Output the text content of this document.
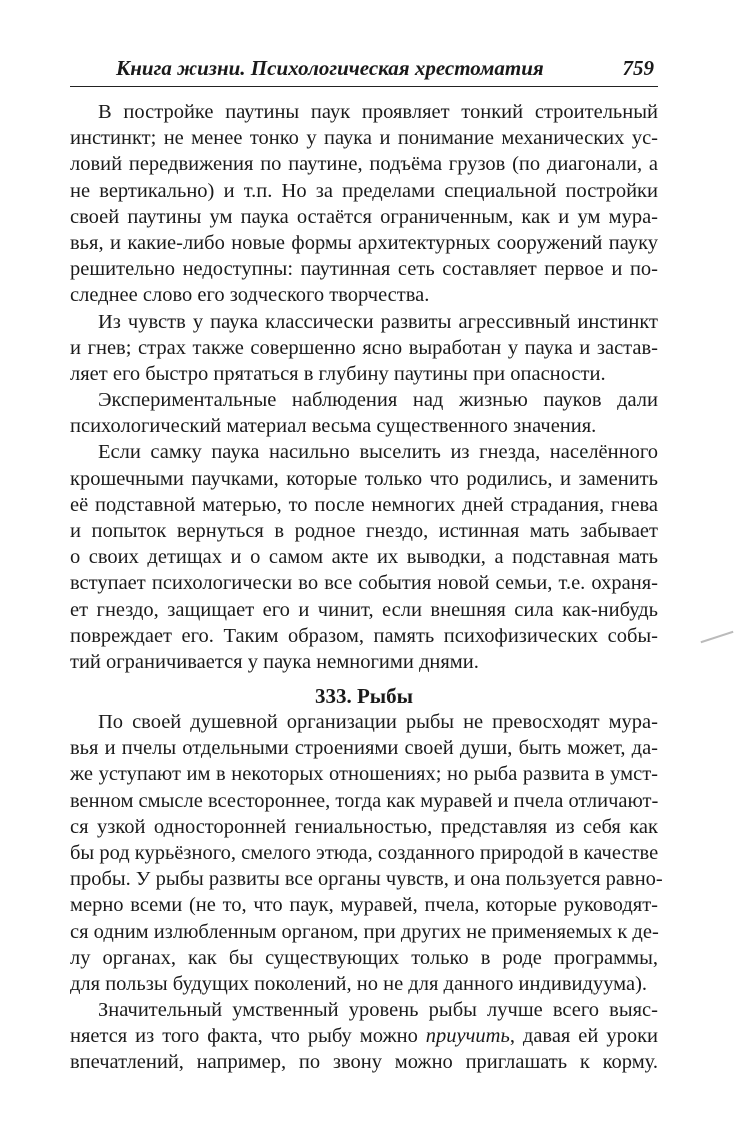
Книга жизни. Психологическая хрестоматия	759
В постройке паутины паук проявляет тонкий строительный
инстинкт; не менее тонко у паука и понимание механических ус-
ловий передвижения по паутине, подъёма грузов (по диагонали, а
не вертикально) и т.п. Но за пределами специальной постройки
своей паутины ум паука остаётся ограниченным, как и ум мура-
вья, и какие-либо новые формы архитектурных сооружений пауку
решительно недоступны: паутинная сеть составляет первое и по-
следнее слово его зодческого творчества.
Из чувств у паука классически развиты агрессивный инстинкт
и гнев; страх также совершенно ясно выработан у паука и застав-
ляет его быстро прятаться в глубину паутины при опасности.
Экспериментальные наблюдения над жизнью пауков дали
психологический материал весьма существенного значения.
Если самку паука насильно выселить из гнезда, населённого
крошечными паучками, которые только что родились, и заменить
её подставной матерью, то после немногих дней страдания, гнева
и попыток вернуться в родное гнездо, истинная мать забывает
о своих детищах и о самом акте их выводки, а подставная мать
вступает психологически во все события новой семьи, т.е. охраня-
ет гнездо, защищает его и чинит, если внешняя сила как-нибудь
повреждает его. Таким образом, память психофизических собы-
тий ограничивается у паука немногими днями.
333. Рыбы
По своей душевной организации рыбы не превосходят мура-
вья и пчелы отдельными строениями своей души, быть может, да-
же уступают им в некоторых отношениях; но рыба развита в умст-
венном смысле всестороннее, тогда как муравей и пчела отличают-
ся узкой односторонней гениальностью, представляя из себя как
бы род курьёзного, смелого этюда, созданного природой в качестве
пробы. У рыбы развиты все органы чувств, и она пользуется равно-
мерно всеми (не то, что паук, муравей, пчела, которые руководят-
ся одним излюбленным органом, при других не применяемых к де-
лу органах, как бы существующих только в роде программы,
для пользы будущих поколений, но не для данного индивидуума).
Значительный умственный уровень рыбы лучше всего выяс-
няется из того факта, что рыбу можно приучить, давая ей уроки
впечатлений, например, по звону можно приглашать к корму.
